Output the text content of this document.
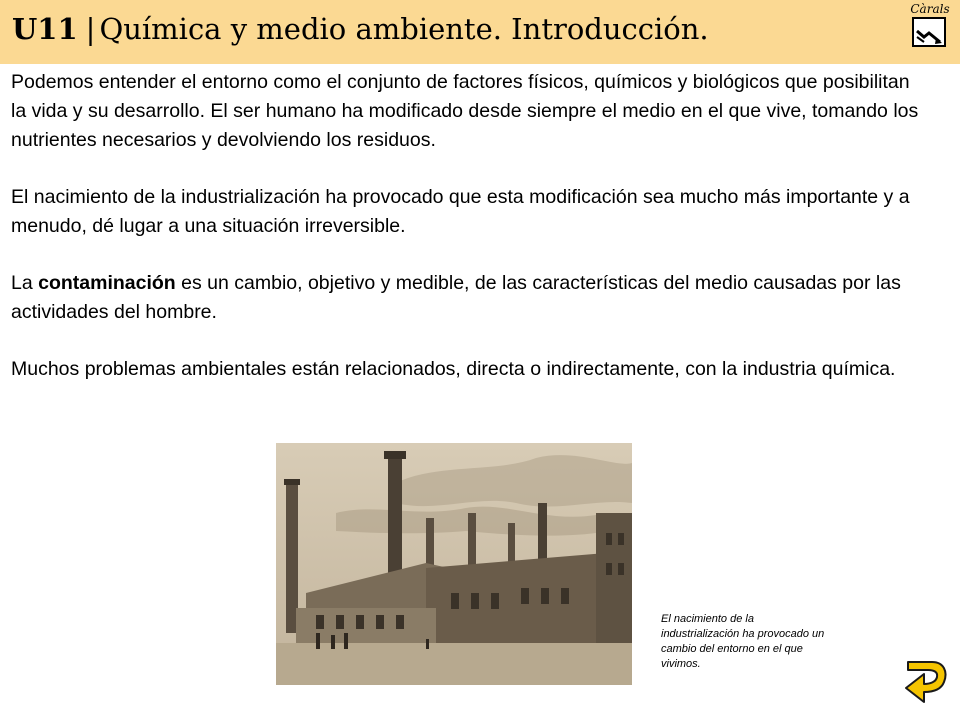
U11 | Química y medio ambiente. Introducción.
Càrals

Podemos entender el entorno como el conjunto de factores físicos, químicos y biológicos que posibilitan la vida y su desarrollo. El ser humano ha modificado desde siempre el medio en el que vive, tomando los nutrientes necesarios y devolviendo los residuos.

El nacimiento de la industrialización ha provocado que esta modificación sea mucho más importante y a menudo, dé lugar a una situación irreversible.

La contaminación es un cambio, objetivo y medible, de las características del medio causadas por las actividades del hombre.

Muchos problemas ambientales están relacionados, directa o indirectamente, con la industria química.

El nacimiento de la industrialización ha provocado un cambio del entorno en el que vivimos.
